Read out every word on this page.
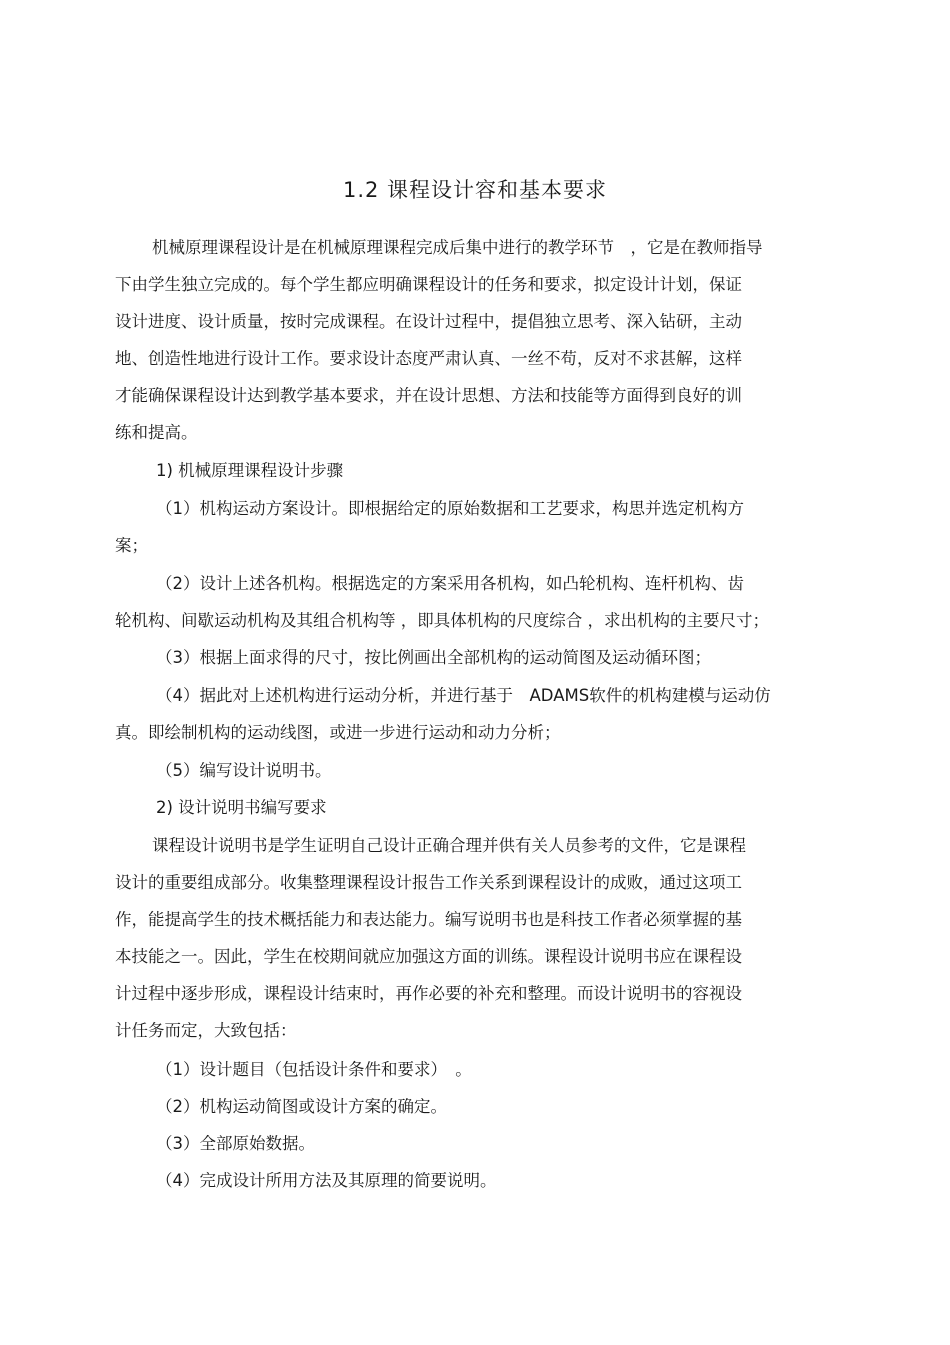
1.2 课程设计容和基本要求
机械原理课程设计是在机械原理课程完成后集中进行的教学环节　，它是在教师指导
下由学生独立完成的。每个学生都应明确课程设计的任务和要求，拟定设计计划，保证
设计进度、设计质量，按时完成课程。在设计过程中，提倡独立思考、深入钻研，主动
地、创造性地进行设计工作。要求设计态度严肃认真、一丝不苟，反对不求甚解，这样
才能确保课程设计达到教学基本要求，并在设计思想、方法和技能等方面得到良好的训
练和提高。
1) 机械原理课程设计步骤
（1）机构运动方案设计。即根据给定的原始数据和工艺要求，构思并选定机构方
案；
（2）设计上述各机构。根据选定的方案采用各机构，如凸轮机构、连杆机构、齿
轮机构、间歇运动机构及其组合机构等 ，即具体机构的尺度综合 ，求出机构的主要尺寸；
（3）根据上面求得的尺寸，按比例画出全部机构的运动简图及运动循环图；
（4）据此对上述机构进行运动分析，并进行基于　ADAMS软件的机构建模与运动仿
真。即绘制机构的运动线图，或进一步进行运动和动力分析；
（5）编写设计说明书。
2) 设计说明书编写要求
课程设计说明书是学生证明自己设计正确合理并供有关人员参考的文件，它是课程
设计的重要组成部分。收集整理课程设计报告工作关系到课程设计的成败，通过这项工
作，能提高学生的技术概括能力和表达能力。编写说明书也是科技工作者必须掌握的基
本技能之一。因此，学生在校期间就应加强这方面的训练。课程设计说明书应在课程设
计过程中逐步形成，课程设计结束时，再作必要的补充和整理。而设计说明书的容视设
计任务而定，大致包括：
（1）设计题目（包括设计条件和要求）　。
（2）机构运动简图或设计方案的确定。
（3）全部原始数据。
（4）完成设计所用方法及其原理的简要说明。
